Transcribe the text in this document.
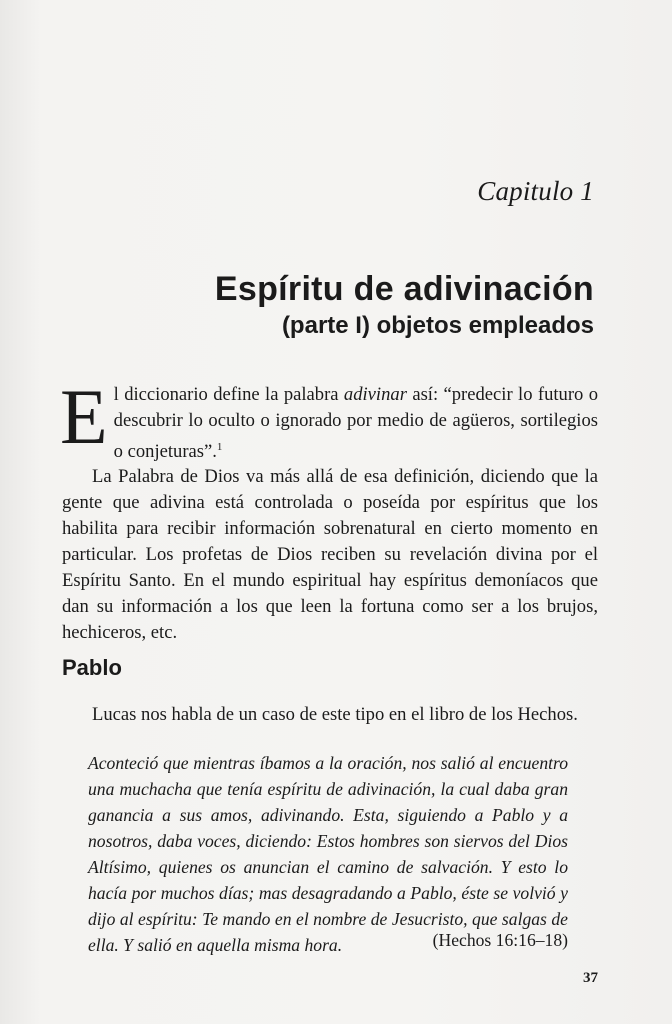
Capitulo 1
Espíritu de adivinación
(parte I) objetos empleados
El diccionario define la palabra adivinar así: “predecir lo futuro o descubrir lo oculto o ignorado por medio de agüeros, sortilegios o conjeturas”.$^1$
La Palabra de Dios va más allá de esa definición, diciendo que la gente que adivina está controlada o poseída por espíritus que los habilita para recibir información sobrenatural en cierto momento en particular. Los profetas de Dios reciben su revelación divina por el Espíritu Santo. En el mundo espiritual hay espíritus demoníacos que dan su información a los que leen la fortuna como ser a los brujos, hechiceros, etc.
Pablo
Lucas nos habla de un caso de este tipo en el libro de los Hechos.
Aconteció que mientras íbamos a la oración, nos salió al encuentro una muchacha que tenía espíritu de adivinación, la cual daba gran ganancia a sus amos, adivinando. Esta, siguiendo a Pablo y a nosotros, daba voces, diciendo: Estos hombres son siervos del Dios Altísimo, quienes os anuncian el camino de salvación. Y esto lo hacía por muchos días; mas desagradando a Pablo, éste se volvió y dijo al espíritu: Te mando en el nombre de Jesucristo, que salgas de ella. Y salió en aquella misma hora.	(Hechos 16:16–18)
37
